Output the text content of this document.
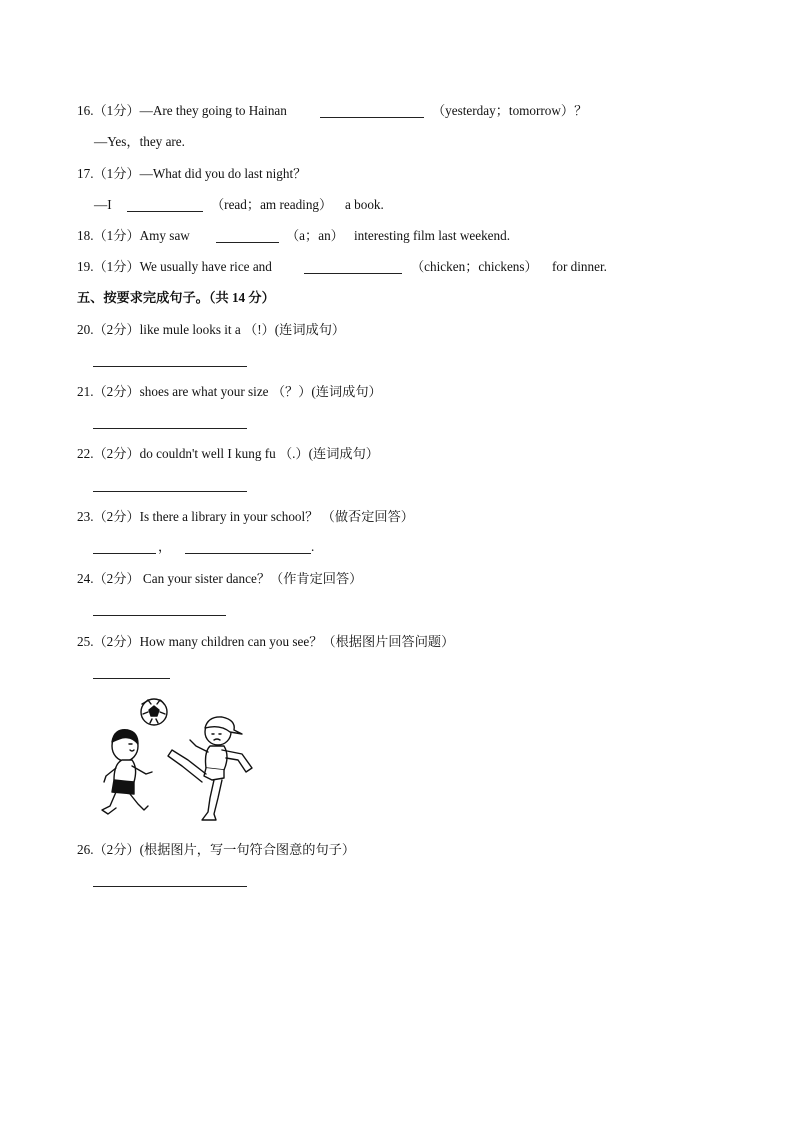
16.（1分）—Are they going to Hainan	（yesterday；tomorrow）？
—Yes，they are.
17.（1分）—What did you do last night？
—I	（read；am reading） a book.
18.（1分）Amy saw	（a；an） interesting film last weekend.
19.（1分）We usually have rice and	（chicken；chickens） for dinner.
五、按要求完成句子。（共 14 分）
20.（2分）like mule looks it a （!）(连词成句）
21.（2分）shoes are what your size （？）(连词成句）
22.（2分）do couldn't well I kung fu （.）(连词成句）
23.（2分）Is there a library in your school？ （做否定回答）
，	.
24.（2分） Can your sister dance？（作肯定回答）
25.（2分）How many children can you see？（根据图片回答问题）
26.（2分）(根据图片，写一句符合图意的句子）
